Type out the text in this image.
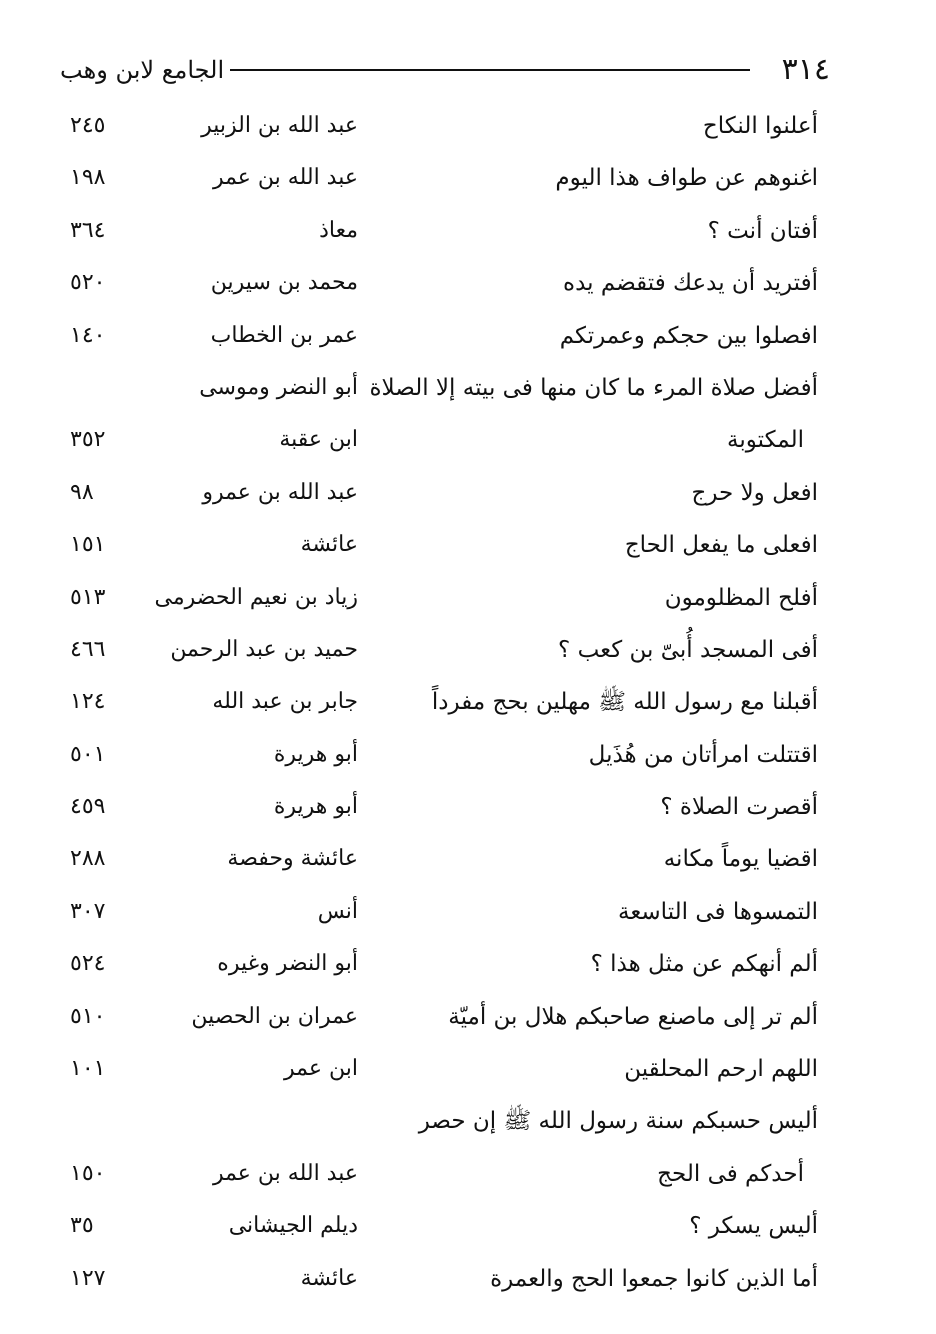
٣١٤
الجامع لابن وهب
أعلنوا النكاح
عبد الله بن الزبير
٢٤٥
اغنوهم عن طواف هذا اليوم
عبد الله بن عمر
١٩٨
أفتان أنت ؟
معاذ
٣٦٤
أفتريد أن يدعك فتقضم يده
محمد بن سيرين
٥٢٠
افصلوا بين حجكم وعمرتكم
عمر بن الخطاب
١٤٠
أفضل صلاة المرء ما كان منها فى بيته إلا الصلاة
أبو النضر وموسى
المكتوبة
ابن عقبة
٣٥٢
افعل ولا حرج
عبد الله بن عمرو
٩٨
افعلى ما يفعل الحاج
عائشة
١٥١
أفلح المظلومون
زياد بن نعيم الحضرمى
٥١٣
أفى المسجد أُبىّ بن كعب ؟
حميد بن عبد الرحمن
٤٦٦
أقبلنا مع رسول الله ﷺ مهلين بحج مفرداً
جابر بن عبد الله
١٢٤
اقتتلت امرأتان من هُذَيل
أبو هريرة
٥٠١
أقصرت الصلاة ؟
أبو هريرة
٤٥٩
اقضيا يوماً مكانه
عائشة وحفصة
٢٨٨
التمسوها فى التاسعة
أنس
٣٠٧
ألم أنهكم عن مثل هذا ؟
أبو النضر وغيره
٥٢٤
ألم تر إلى ماصنع صاحبكم هلال بن أميّة
عمران بن الحصين
٥١٠
اللهم ارحم المحلقين
ابن عمر
١٠١
أليس حسبكم سنة رسول الله ﷺ إن حصر
أحدكم فى الحج
عبد الله بن عمر
١٥٠
أليس يسكر ؟
ديلم الجيشانى
٣٥
أما الذين كانوا جمعوا الحج والعمرة
عائشة
١٢٧
